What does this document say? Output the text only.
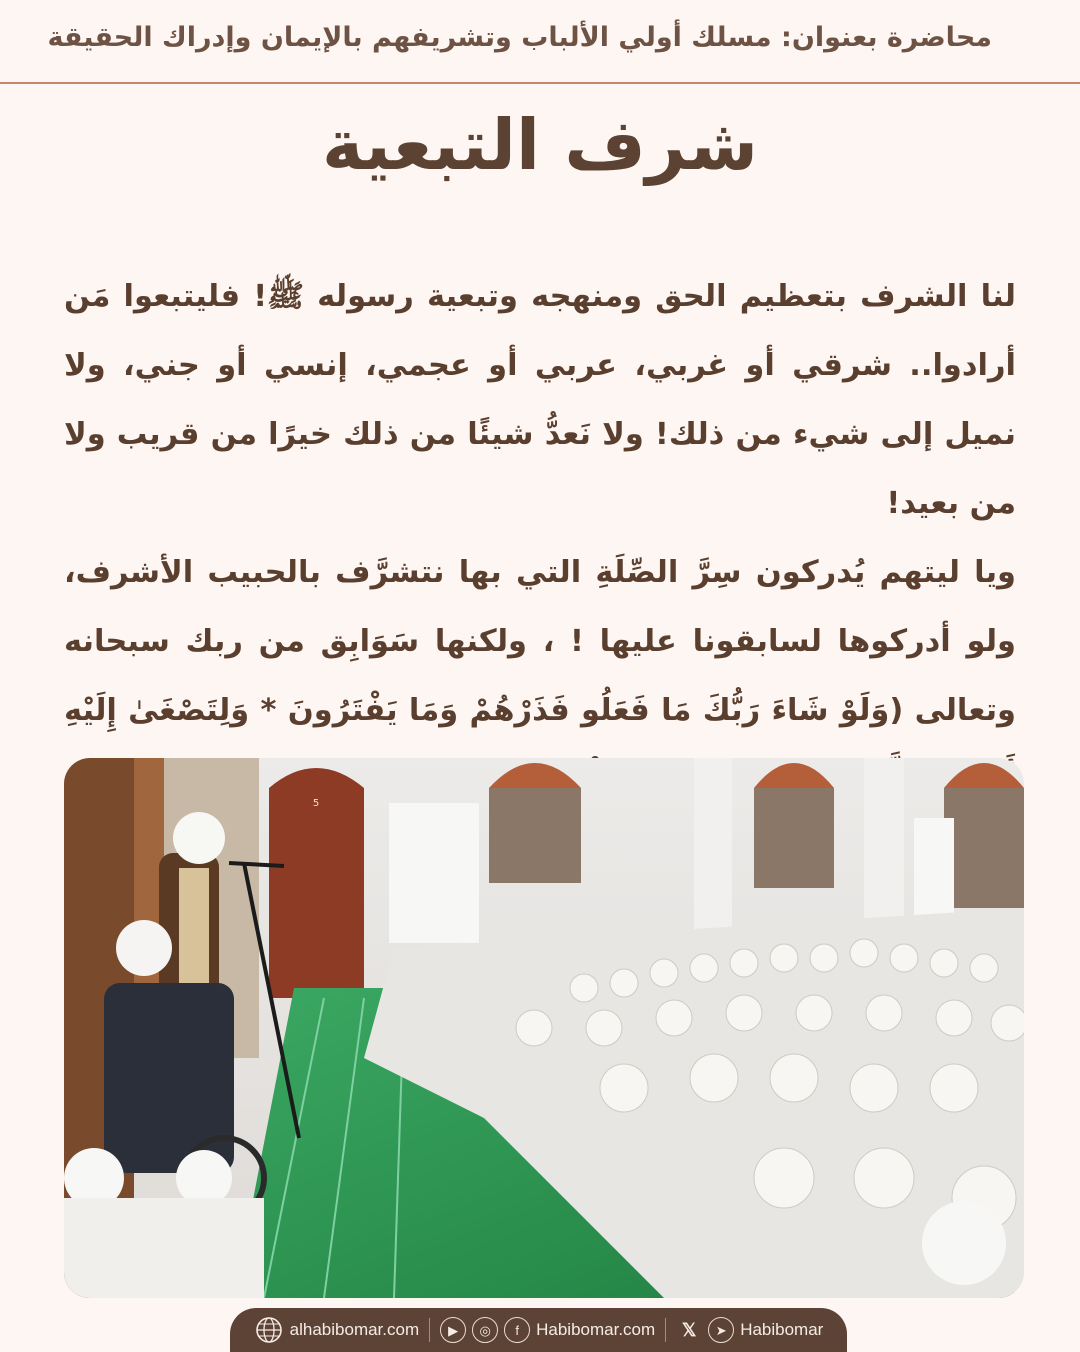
محاضرة بعنوان: مسلك أولي الألباب وتشريفهم بالإيمان وإدراك الحقيقة
شرف التبعية

لنا الشرف بتعظيم الحق ومنهجه وتبعية رسوله ﷺ! فليتبعوا مَن أرادوا.. شرقي أو غربي، عربي أو عجمي، إنسي أو جني، ولا نميل إلى شيء من ذلك! ولا نَعدُّ شيئًا من ذلك خيرًا من قريب ولا من بعيد!

ويا ليتهم يُدركون سِرَّ الصِّلَةِ التي بها نتشرَّف بالحبيب الأشرف، ولو أدركوها لسابقونا عليها ! ، ولكنها سَوَابِق من ربك سبحانه وتعالى (وَلَوْ شَاءَ رَبُّكَ مَا فَعَلُو فَذَرْهُمْ وَمَا يَفْتَرُونَ * وَلِتَصْغَىٰ إِلَيْهِ

5
alhabibomar.com	▶	◎	f	Habibomar.com	𝕏	➤ Habibomar
